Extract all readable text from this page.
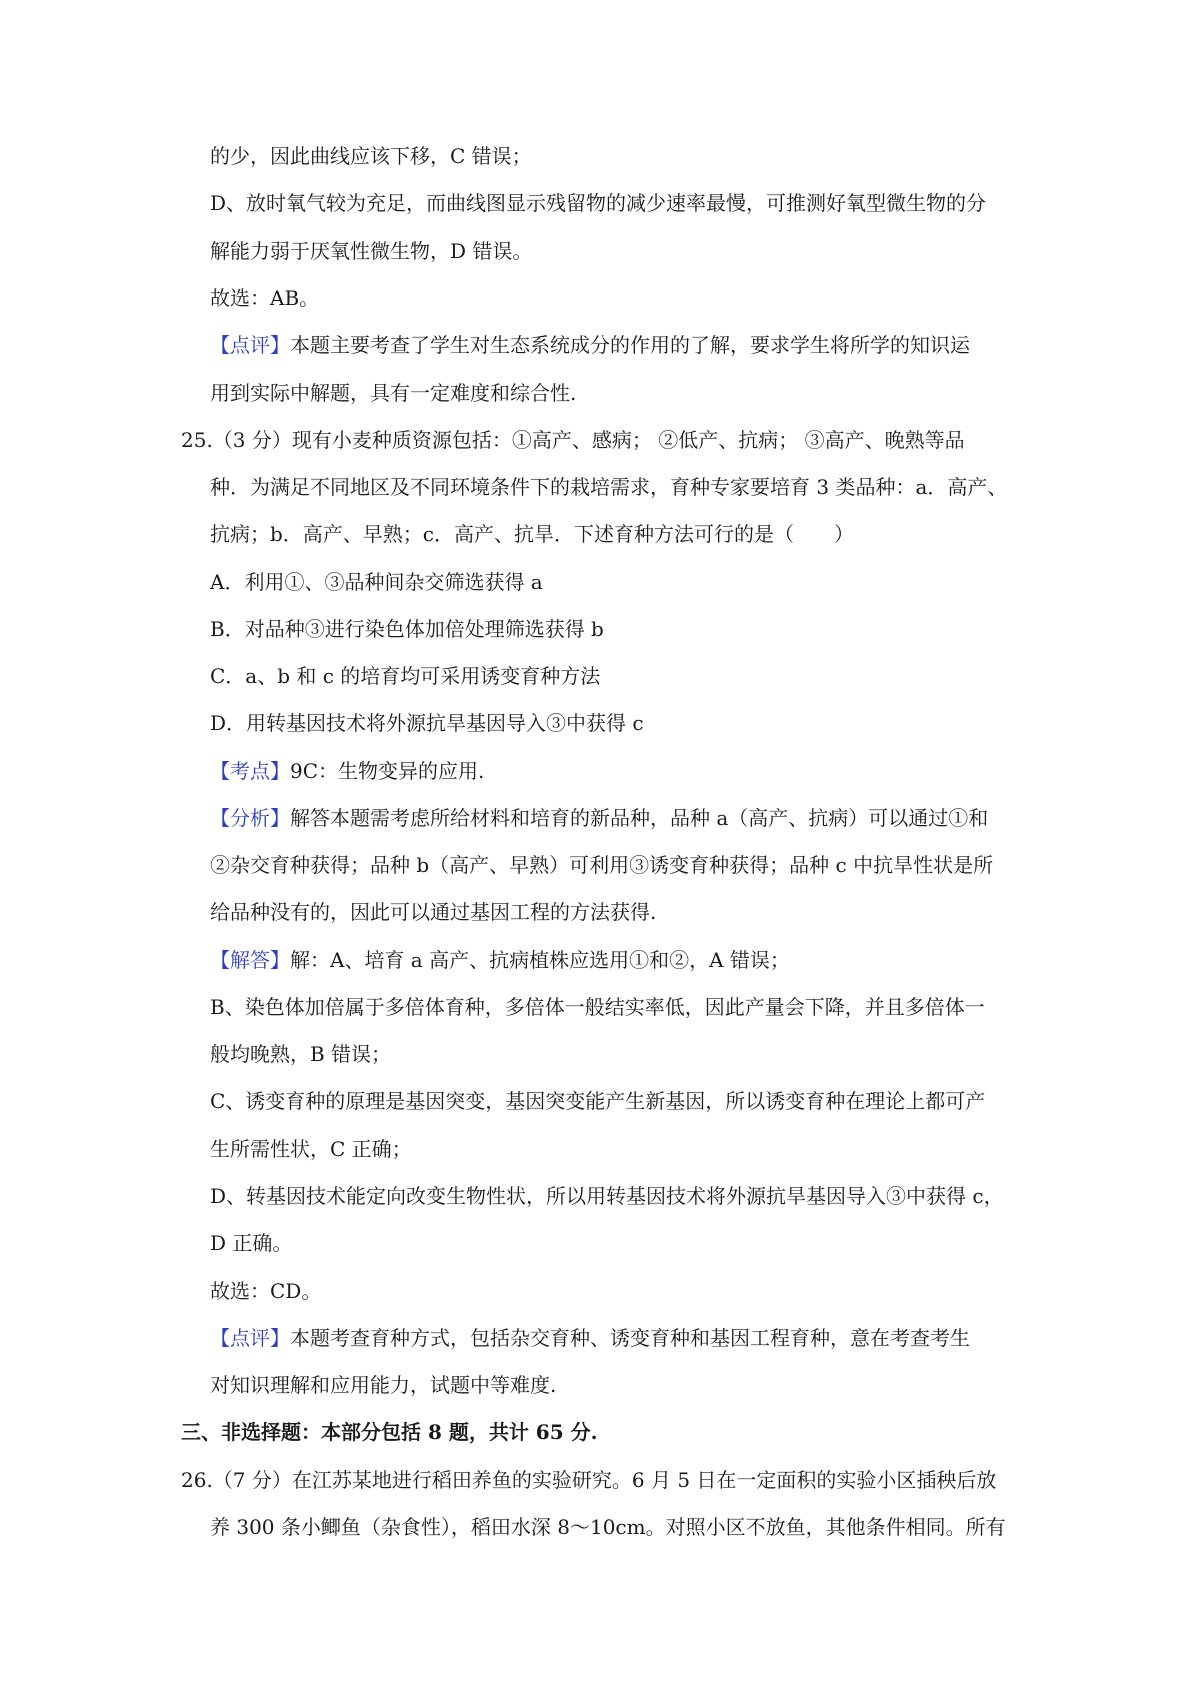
的少，因此曲线应该下移，C 错误；
D、放时氧气较为充足，而曲线图显示残留物的减少速率最慢，可推测好氧型微生物的分
解能力弱于厌氧性微生物，D 错误。
故选：AB。
【点评】本题主要考查了学生对生态系统成分的作用的了解，要求学生将所学的知识运
用到实际中解题，具有一定难度和综合性.
25.（3 分）现有小麦种质资源包括：①高产、感病； ②低产、抗病； ③高产、晚熟等品
种．为满足不同地区及不同环境条件下的栽培需求，育种专家要培育 3 类品种：a．高产、
抗病；b．高产、早熟；c．高产、抗旱．下述育种方法可行的是（　　）
A．利用①、③品种间杂交筛选获得 a
B．对品种③进行染色体加倍处理筛选获得 b
C．a、b 和 c 的培育均可采用诱变育种方法
D．用转基因技术将外源抗旱基因导入③中获得 c
【考点】9C：生物变异的应用.
【分析】解答本题需考虑所给材料和培育的新品种，品种 a（高产、抗病）可以通过①和
②杂交育种获得；品种 b（高产、早熟）可利用③诱变育种获得；品种 c 中抗旱性状是所
给品种没有的，因此可以通过基因工程的方法获得.
【解答】解：A、培育 a 高产、抗病植株应选用①和②，A 错误；
B、染色体加倍属于多倍体育种，多倍体一般结实率低，因此产量会下降，并且多倍体一
般均晚熟，B 错误；
C、诱变育种的原理是基因突变，基因突变能产生新基因，所以诱变育种在理论上都可产
生所需性状，C 正确；
D、转基因技术能定向改变生物性状，所以用转基因技术将外源抗旱基因导入③中获得 c，
D 正确。
故选：CD。
【点评】本题考查育种方式，包括杂交育种、诱变育种和基因工程育种，意在考查考生
对知识理解和应用能力，试题中等难度.
三、非选择题：本部分包括 8 题，共计 65 分.
26.（7 分）在江苏某地进行稻田养鱼的实验研究。6 月 5 日在一定面积的实验小区插秧后放
养 300 条小鲫鱼（杂食性），稻田水深 8～10cm。对照小区不放鱼，其他条件相同。所有
